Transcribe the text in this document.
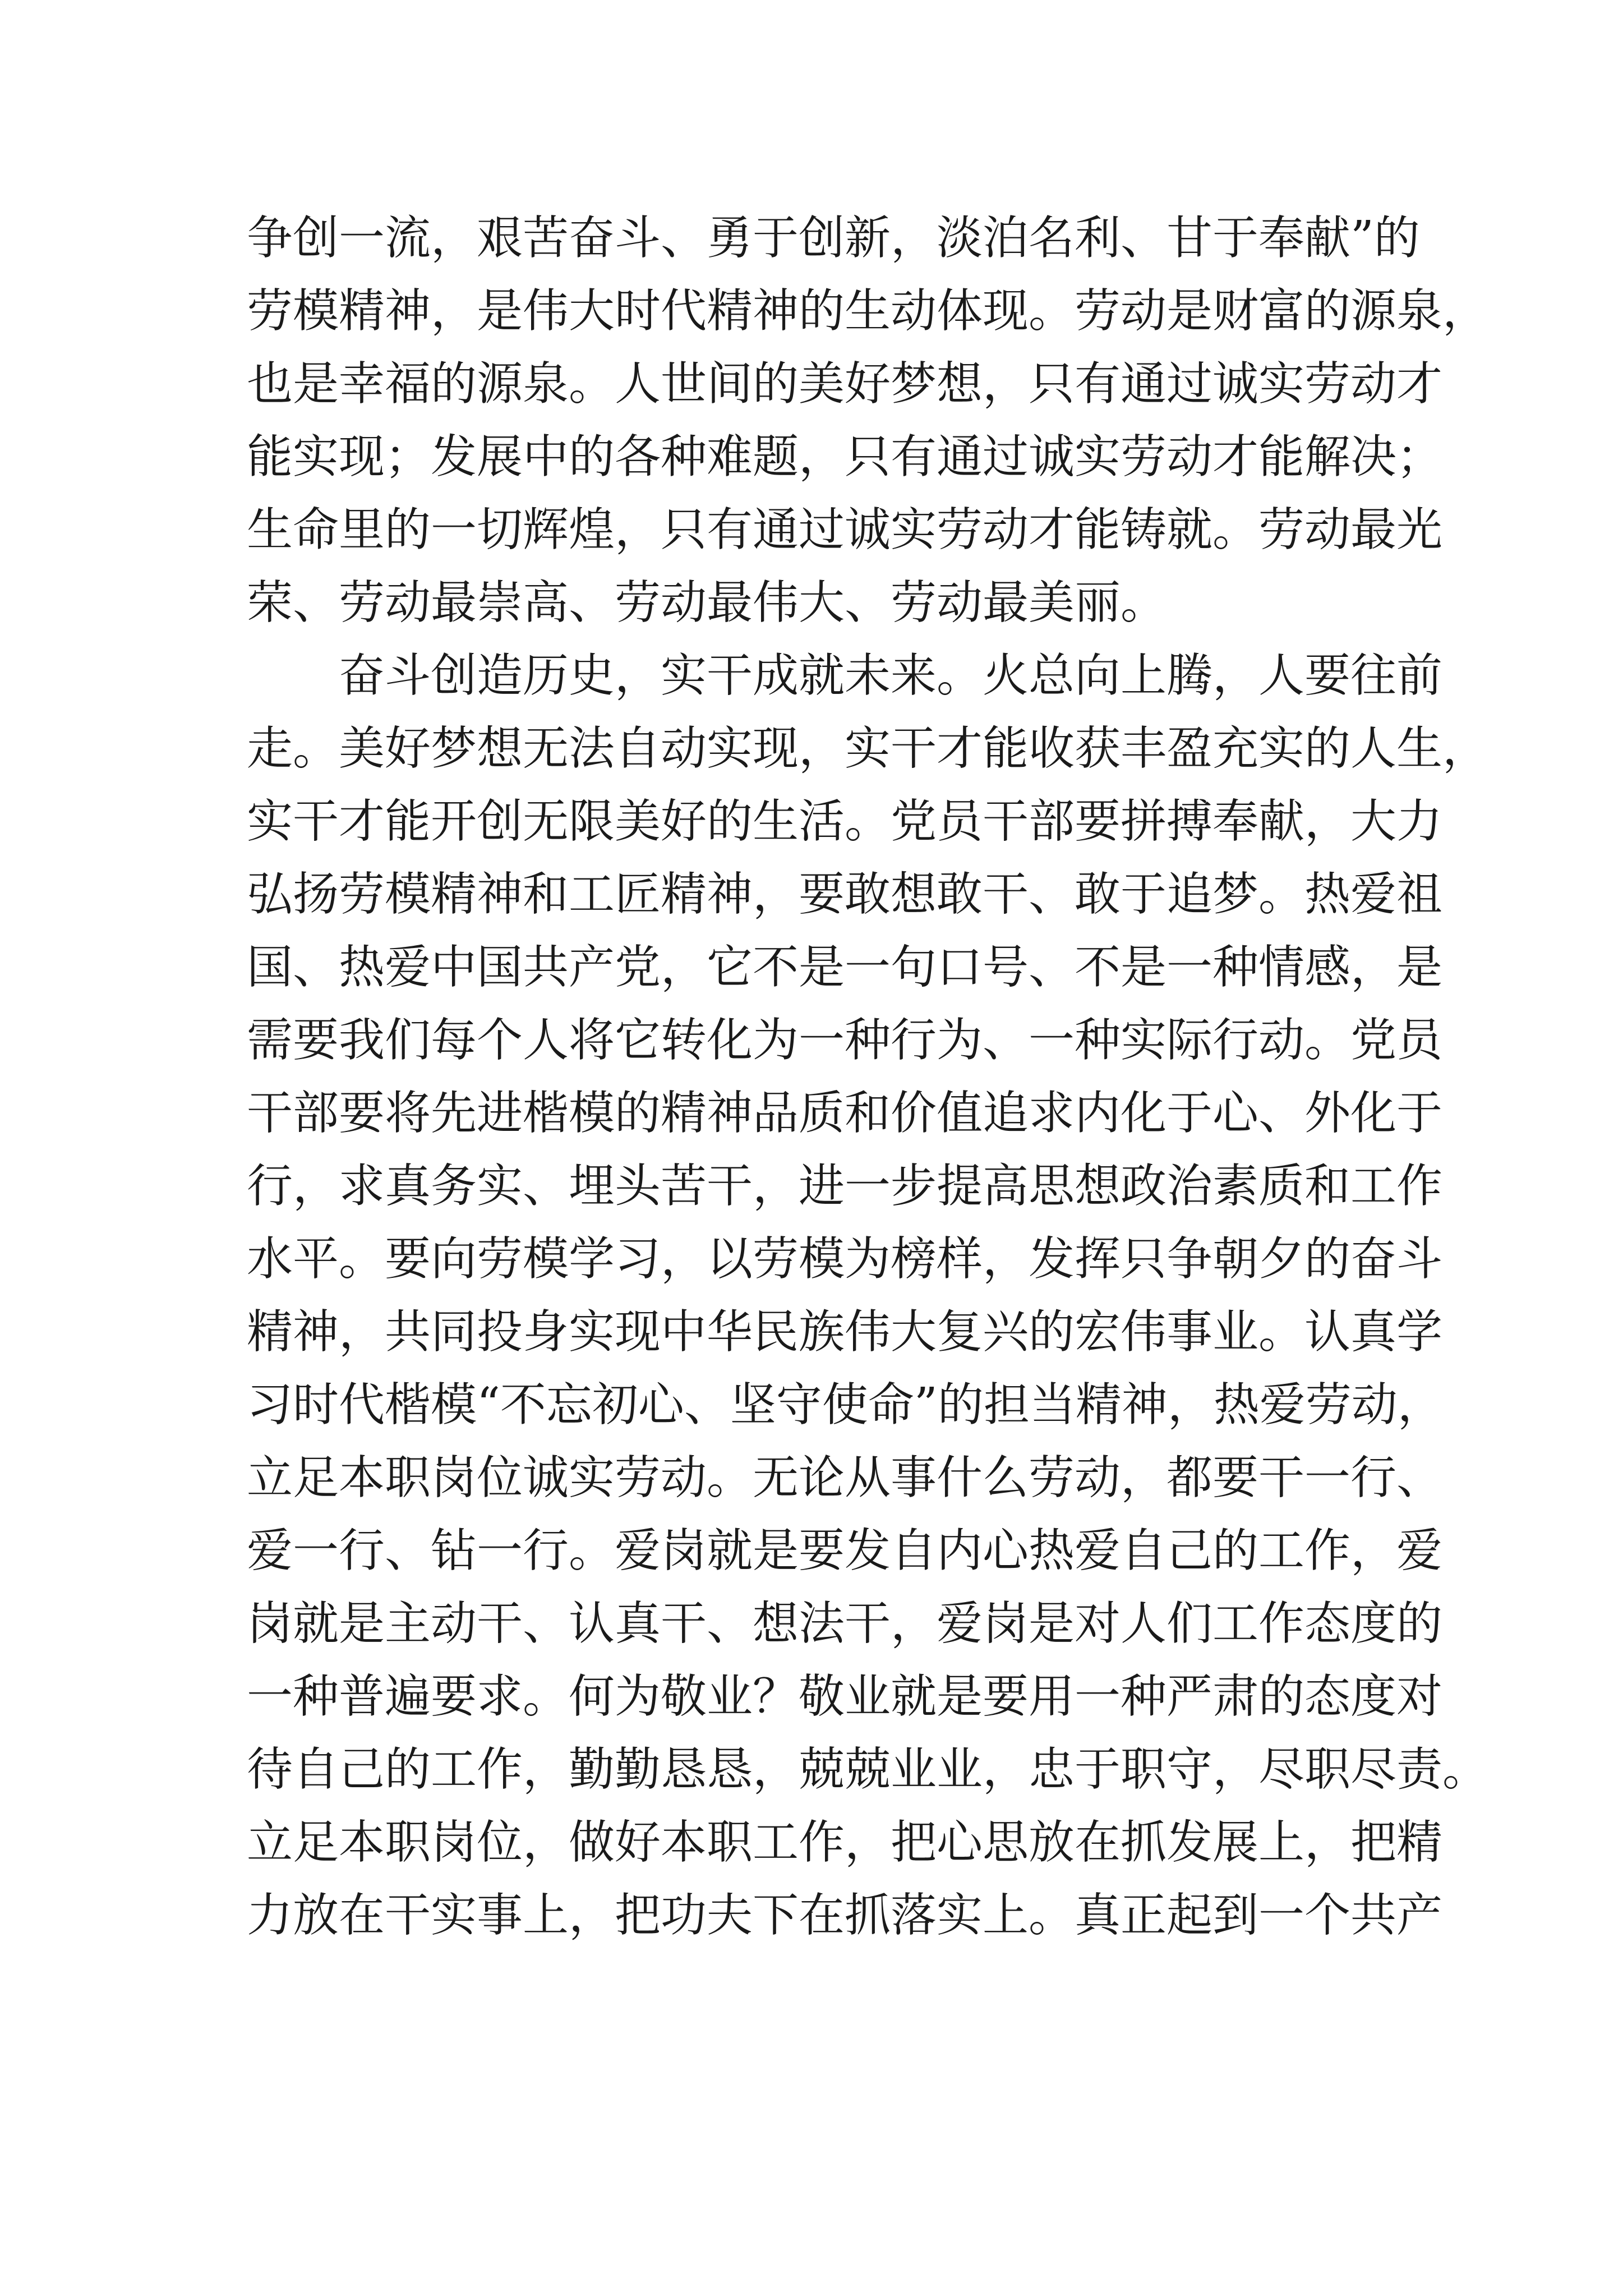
争创一流，艰苦奋斗、勇于创新，淡泊名利、甘于奉献”的
劳模精神，是伟大时代精神的生动体现。劳动是财富的源泉，
也是幸福的源泉。人世间的美好梦想，只有通过诚实劳动才
能实现；发展中的各种难题，只有通过诚实劳动才能解决；
生命里的一切辉煌，只有通过诚实劳动才能铸就。劳动最光
荣、劳动最崇高、劳动最伟大、劳动最美丽。
奋斗创造历史，实干成就未来。火总向上腾，人要往前
走。美好梦想无法自动实现，实干才能收获丰盈充实的人生，
实干才能开创无限美好的生活。党员干部要拼搏奉献，大力
弘扬劳模精神和工匠精神，要敢想敢干、敢于追梦。热爱祖
国、热爱中国共产党，它不是一句口号、不是一种情感，是
需要我们每个人将它转化为一种行为、一种实际行动。党员
干部要将先进楷模的精神品质和价值追求内化于心、外化于
行，求真务实、埋头苦干，进一步提高思想政治素质和工作
水平。要向劳模学习，以劳模为榜样，发挥只争朝夕的奋斗
精神，共同投身实现中华民族伟大复兴的宏伟事业。认真学
习时代楷模“不忘初心、坚守使命”的担当精神，热爱劳动，
立足本职岗位诚实劳动。无论从事什么劳动，都要干一行、
爱一行、钻一行。爱岗就是要发自内心热爱自己的工作，爱
岗就是主动干、认真干、想法干，爱岗是对人们工作态度的
一种普遍要求。何为敬业？敬业就是要用一种严肃的态度对
待自己的工作，勤勤恳恳，兢兢业业，忠于职守，尽职尽责。
立足本职岗位，做好本职工作，把心思放在抓发展上，把精
力放在干实事上，把功夫下在抓落实上。真正起到一个共产
